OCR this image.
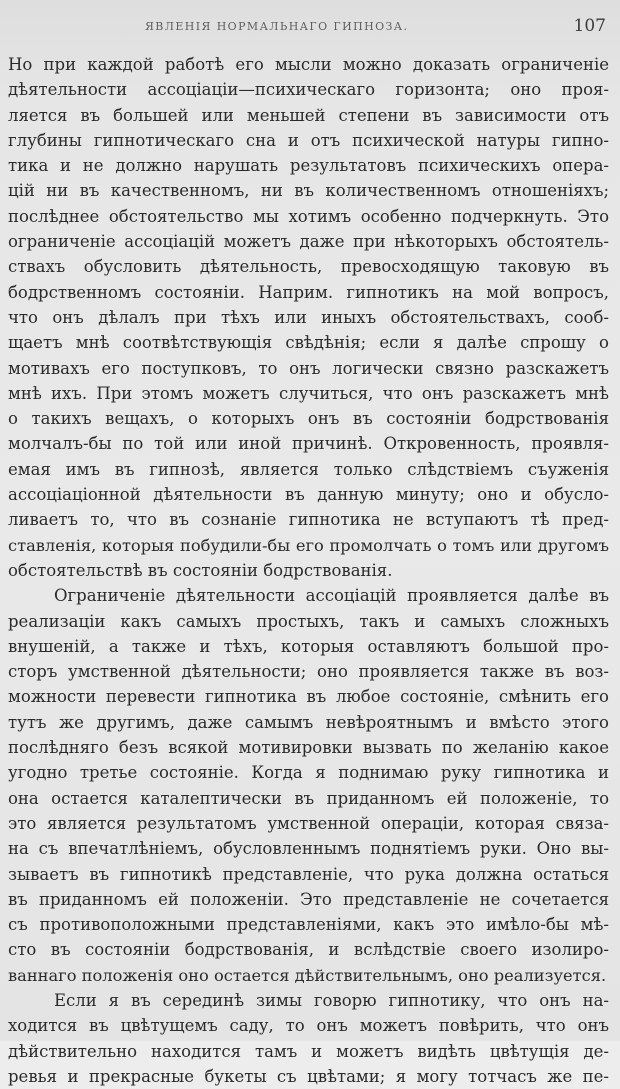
ЯВЛЕНІЯ НОРМАЛЬНАГО ГИПНОЗА.	107
Но при каждой работѣ его мысли можно доказать ограниченіе
дѣятельности ассоціаціи—психическаго горизонта; оно проя-
ляется въ большей или меньшей степени въ зависимости отъ
глубины гипнотическаго сна и отъ психической натуры гипно-
тика и не должно нарушать результатовъ психическихъ опера-
цій ни въ качественномъ, ни въ количественномъ отношеніяхъ;
послѣднее обстоятельство мы хотимъ особенно подчеркнуть. Это
ограниченіе ассоціацій можетъ даже при нѣкоторыхъ обстоятель-
ствахъ обусловить дѣятельность, превосходящую таковую въ
бодрственномъ состояніи. Наприм. гипнотикъ на мой вопросъ,
что онъ дѣлалъ при тѣхъ или иныхъ обстоятельствахъ, сооб-
щаетъ мнѣ соотвѣтствующія свѣдѣнія; если я далѣе спрошу о
мотивахъ его поступковъ, то онъ логически связно разскажетъ
мнѣ ихъ. При этомъ можетъ случиться, что онъ разскажетъ мнѣ
о такихъ вещахъ, о которыхъ онъ въ состояніи бодрствованія
молчалъ-бы по той или иной причинѣ. Откровенность, проявля-
емая имъ въ гипнозѣ, является только слѣдствіемъ съуженія
ассоціаціонной дѣятельности въ данную минуту; оно и обусло-
ливаетъ то, что въ сознаніе гипнотика не вступаютъ тѣ пред-
ставленія, которыя побудили-бы его промолчать о томъ или другомъ
обстоятельствѣ въ состояніи бодрствованія.
Ограниченіе дѣятельности ассоціацій проявляется далѣе въ
реализаціи какъ самыхъ простыхъ, такъ и самыхъ сложныхъ
внушеній, а также и тѣхъ, которыя оставляютъ большой про-
сторъ умственной дѣятельности; оно проявляется также въ воз-
можности перевести гипнотика въ любое состояніе, смѣнить его
тутъ же другимъ, даже самымъ невѣроятнымъ и вмѣсто этого
послѣдняго безъ всякой мотивировки вызвать по желанію какое
угодно третье состояніе. Когда я поднимаю руку гипнотика и
она остается каталептически въ приданномъ ей положеніе, то
это является результатомъ умственной операціи, которая связа-
на съ впечатлѣніемъ, обусловленнымъ поднятіемъ руки. Оно вы-
зываетъ въ гипнотикѣ представленіе, что рука должна остаться
въ приданномъ ей положеніи. Это представленіе не сочетается
съ противоположными представленіями, какъ это имѣло-бы мѣ-
сто въ состояніи бодрствованія, и вслѣдствіе своего изолиро-
ваннаго положенія оно остается дѣйствительнымъ, оно реализуется.
Если я въ серединѣ зимы говорю гипнотику, что онъ на-
ходится въ цвѣтущемъ саду, то онъ можетъ повѣрить, что онъ
дѣйствительно находится тамъ и можетъ видѣть цвѣтущія де-
ревья и прекрасные букеты съ цвѣтами; я могу тотчасъ же пе-
